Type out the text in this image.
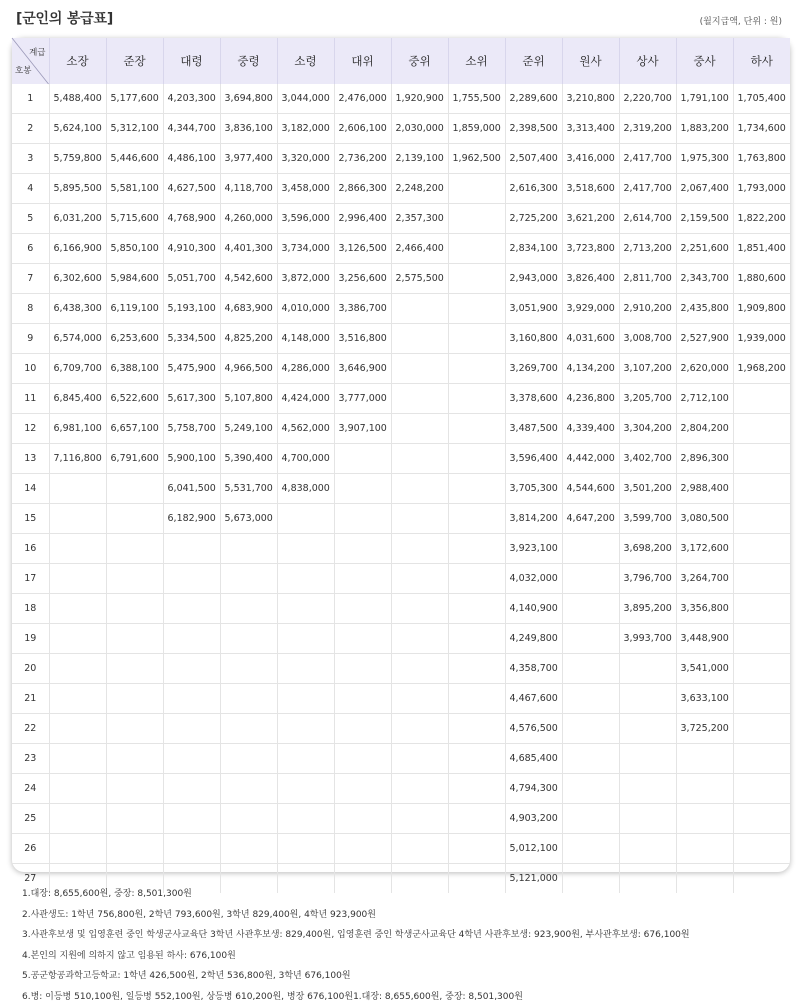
[군인의 봉급표]	(월지급액, 단위 : 원)
계급
호봉	소장	준장	대령	중령	소령	대위	중위	소위	준위	원사	상사	중사	하사
1	5,488,400	5,177,600	4,203,300	3,694,800	3,044,000	2,476,000	1,920,900	1,755,500	2,289,600	3,210,800	2,220,700	1,791,100	1,705,400
2	5,624,100	5,312,100	4,344,700	3,836,100	3,182,000	2,606,100	2,030,000	1,859,000	2,398,500	3,313,400	2,319,200	1,883,200	1,734,600
3	5,759,800	5,446,600	4,486,100	3,977,400	3,320,000	2,736,200	2,139,100	1,962,500	2,507,400	3,416,000	2,417,700	1,975,300	1,763,800
4	5,895,500	5,581,100	4,627,500	4,118,700	3,458,000	2,866,300	2,248,200		2,616,300	3,518,600	2,417,700	2,067,400	1,793,000
5	6,031,200	5,715,600	4,768,900	4,260,000	3,596,000	2,996,400	2,357,300		2,725,200	3,621,200	2,614,700	2,159,500	1,822,200
6	6,166,900	5,850,100	4,910,300	4,401,300	3,734,000	3,126,500	2,466,400		2,834,100	3,723,800	2,713,200	2,251,600	1,851,400
7	6,302,600	5,984,600	5,051,700	4,542,600	3,872,000	3,256,600	2,575,500		2,943,000	3,826,400	2,811,700	2,343,700	1,880,600
8	6,438,300	6,119,100	5,193,100	4,683,900	4,010,000	3,386,700			3,051,900	3,929,000	2,910,200	2,435,800	1,909,800
9	6,574,000	6,253,600	5,334,500	4,825,200	4,148,000	3,516,800			3,160,800	4,031,600	3,008,700	2,527,900	1,939,000
10	6,709,700	6,388,100	5,475,900	4,966,500	4,286,000	3,646,900			3,269,700	4,134,200	3,107,200	2,620,000	1,968,200
11	6,845,400	6,522,600	5,617,300	5,107,800	4,424,000	3,777,000			3,378,600	4,236,800	3,205,700	2,712,100	
12	6,981,100	6,657,100	5,758,700	5,249,100	4,562,000	3,907,100			3,487,500	4,339,400	3,304,200	2,804,200	
13	7,116,800	6,791,600	5,900,100	5,390,400	4,700,000				3,596,400	4,442,000	3,402,700	2,896,300	
14			6,041,500	5,531,700	4,838,000				3,705,300	4,544,600	3,501,200	2,988,400	
15			6,182,900	5,673,000					3,814,200	4,647,200	3,599,700	3,080,500	
16									3,923,100		3,698,200	3,172,600	
17									4,032,000		3,796,700	3,264,700	
18									4,140,900		3,895,200	3,356,800	
19									4,249,800		3,993,700	3,448,900	
20									4,358,700			3,541,000	
21									4,467,600			3,633,100	
22									4,576,500			3,725,200	
23									4,685,400				
24									4,794,300				
25									4,903,200				
26									5,012,100				
27									5,121,000				
1.대장: 8,655,600원, 중장: 8,501,300원
2.사관생도: 1학년 756,800원, 2학년 793,600원, 3학년 829,400원, 4학년 923,900원
3.사관후보생 및 입영훈련 중인 학생군사교육단 3학년 사관후보생: 829,400원, 입영훈련 중인 학생군사교육단 4학년 사관후보생: 923,900원, 부사관후보생: 676,100원
4.본인의 지원에 의하지 않고 임용된 하사: 676,100원
5.공군항공과학고등학교: 1학년 426,500원, 2학년 536,800원, 3학년 676,100원
6.병: 이등병 510,100원, 일등병 552,100원, 상등병 610,200원, 병장 676,100원1.대장: 8,655,600원, 중장: 8,501,300원
